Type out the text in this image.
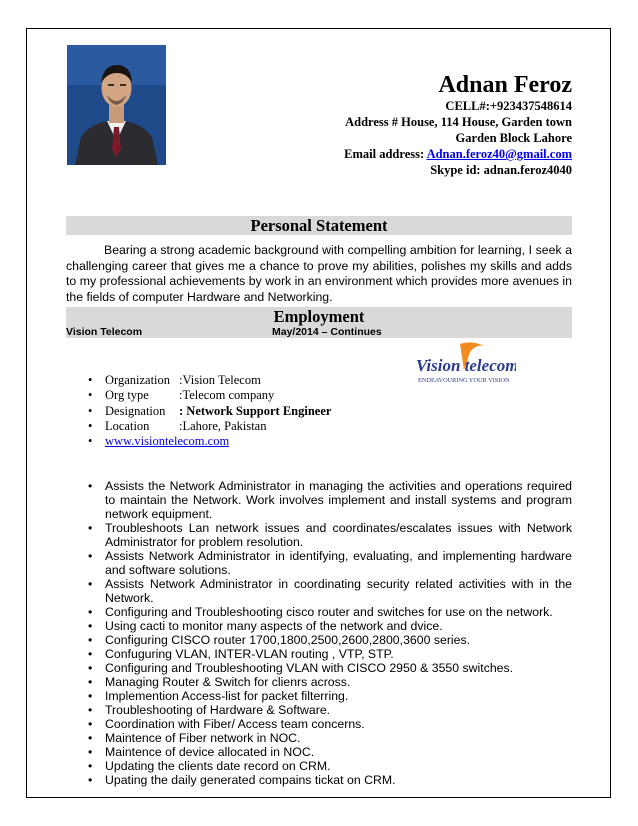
Adnan Feroz
CELL#:+923437548614
Address # House, 114 House, Garden town
Garden Block Lahore
Email address: Adnan.feroz40@gmail.com
Skype id: adnan.feroz4040
Personal Statement
Bearing a strong academic background with compelling ambition for learning, I seek a challenging career that gives me a chance to prove my abilities, polishes my skills and adds to my professional achievements by work in an environment which provides more avenues in the fields of computer Hardware and Networking.
Employment
Vision Telecom	May/2014 – Continues
Vision telecom
ENDEAVOURING YOUR VISION
• Organization :Vision Telecom
• Org type :Telecom company
• Designation : Network Support Engineer
• Location :Lahore, Pakistan
• www.visiontelecom.com
• Assists the Network Administrator in managing the activities and operations required to maintain the Network. Work involves implement and install systems and program network equipment.
• Troubleshoots Lan network issues and coordinates/escalates issues with Network Administrator for problem resolution.
• Assists Network Administrator in identifying, evaluating, and implementing hardware and software solutions.
• Assists Network Administrator in coordinating security related activities with in the Network.
• Configuring and Troubleshooting cisco router and switches for use on the network.
• Using cacti to monitor many aspects of the network and dvice.
• Configuring CISCO router 1700,1800,2500,2600,2800,3600 series.
• Confuguring VLAN, INTER-VLAN routing , VTP, STP.
• Configuring and Troubleshooting VLAN with CISCO 2950 & 3550 switches.
• Managing Router & Switch for clienrs across.
• Implemention Access-list for packet filterring.
• Troubleshooting of Hardware & Software.
• Coordination with Fiber/ Access team concerns.
• Maintence of Fiber network in NOC.
• Maintence of device allocated in NOC.
• Updating the clients date record on CRM.
• Upating the daily generated compains tickat on CRM.
